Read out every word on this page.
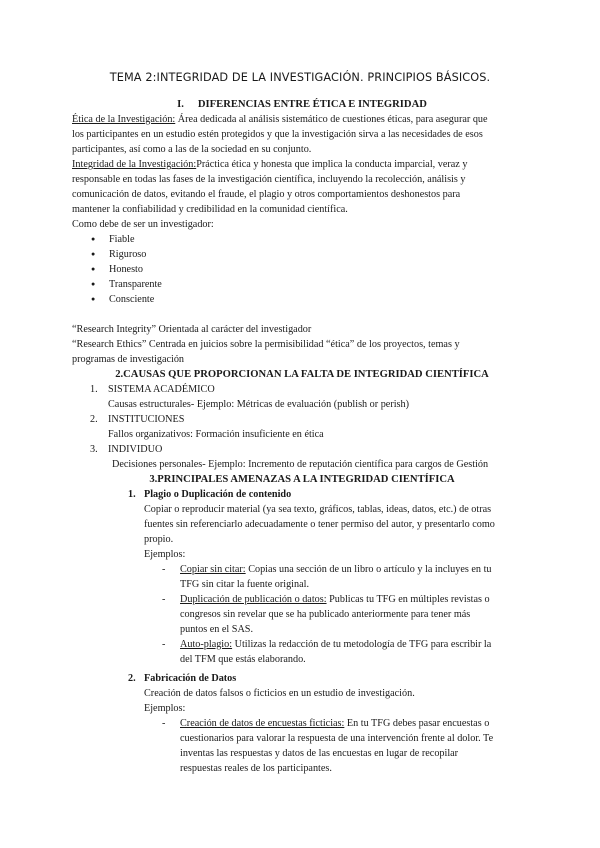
TEMA 2:INTEGRIDAD DE LA INVESTIGACIÓN. PRINCIPIOS BÁSICOS.
I. DIFERENCIAS ENTRE ÉTICA E INTEGRIDAD

Ética de la Investigación: Área dedicada al análisis sistemático de cuestiones éticas, para asegurar que
los participantes en un estudio estén protegidos y que la investigación sirva a las necesidades de esos
participantes, así como a las de la sociedad en su conjunto.

Integridad de la Investigación:Práctica ética y honesta que implica la conducta imparcial, veraz y
responsable en todas las fases de la investigación científica, incluyendo la recolección, análisis y
comunicación de datos, evitando el fraude, el plagio y otros comportamientos deshonestos para
mantener la confiabilidad y credibilidad en la comunidad científica.

Como debe de ser un investigador:

● Fiable
● Riguroso
● Honesto
● Transparente
● Consciente

“Research Integrity” Orientada al carácter del investigador

“Research Ethics” Centrada en juicios sobre la permisibilidad “ética” de los proyectos, temas y
programas de investigación

2.CAUSAS QUE PROPORCIONAN LA FALTA DE INTEGRIDAD CIENTÍFICA
1. SISTEMA ACADÉMICO
Causas estructurales- Ejemplo: Métricas de evaluación (publish or perish)
2. INSTITUCIONES
Fallos organizativos: Formación insuficiente en ética
3. INDIVIDUO
Decisiones personales- Ejemplo: Incremento de reputación científica para cargos de Gestión
3.PRINCIPALES AMENAZAS A LA INTEGRIDAD CIENTÍFICA
1. Plagio o Duplicación de contenido

Copiar o reproducir material (ya sea texto, gráficos, tablas, ideas, datos, etc.) de otras
fuentes sin referenciarlo adecuadamente o tener permiso del autor, y presentarlo como
propio.

Ejemplos:

- Copiar sin citar: Copias una sección de un libro o artículo y la incluyes en tu
TFG sin citar la fuente original.
- Duplicación de publicación o datos: Publicas tu TFG en múltiples revistas o
congresos sin revelar que se ha publicado anteriormente para tener más
puntos en el SAS.
- Auto-plagio: Utilizas la redacción de tu metodología de TFG para escribir la
del TFM que estás elaborando.
2. Fabricación de Datos

Creación de datos falsos o ficticios en un estudio de investigación.

Ejemplos:

- Creación de datos de encuestas ficticias: En tu TFG debes pasar encuestas o
cuestionarios para valorar la respuesta de una intervención frente al dolor. Te
inventas las respuestas y datos de las encuestas en lugar de recopilar
respuestas reales de los participantes.
